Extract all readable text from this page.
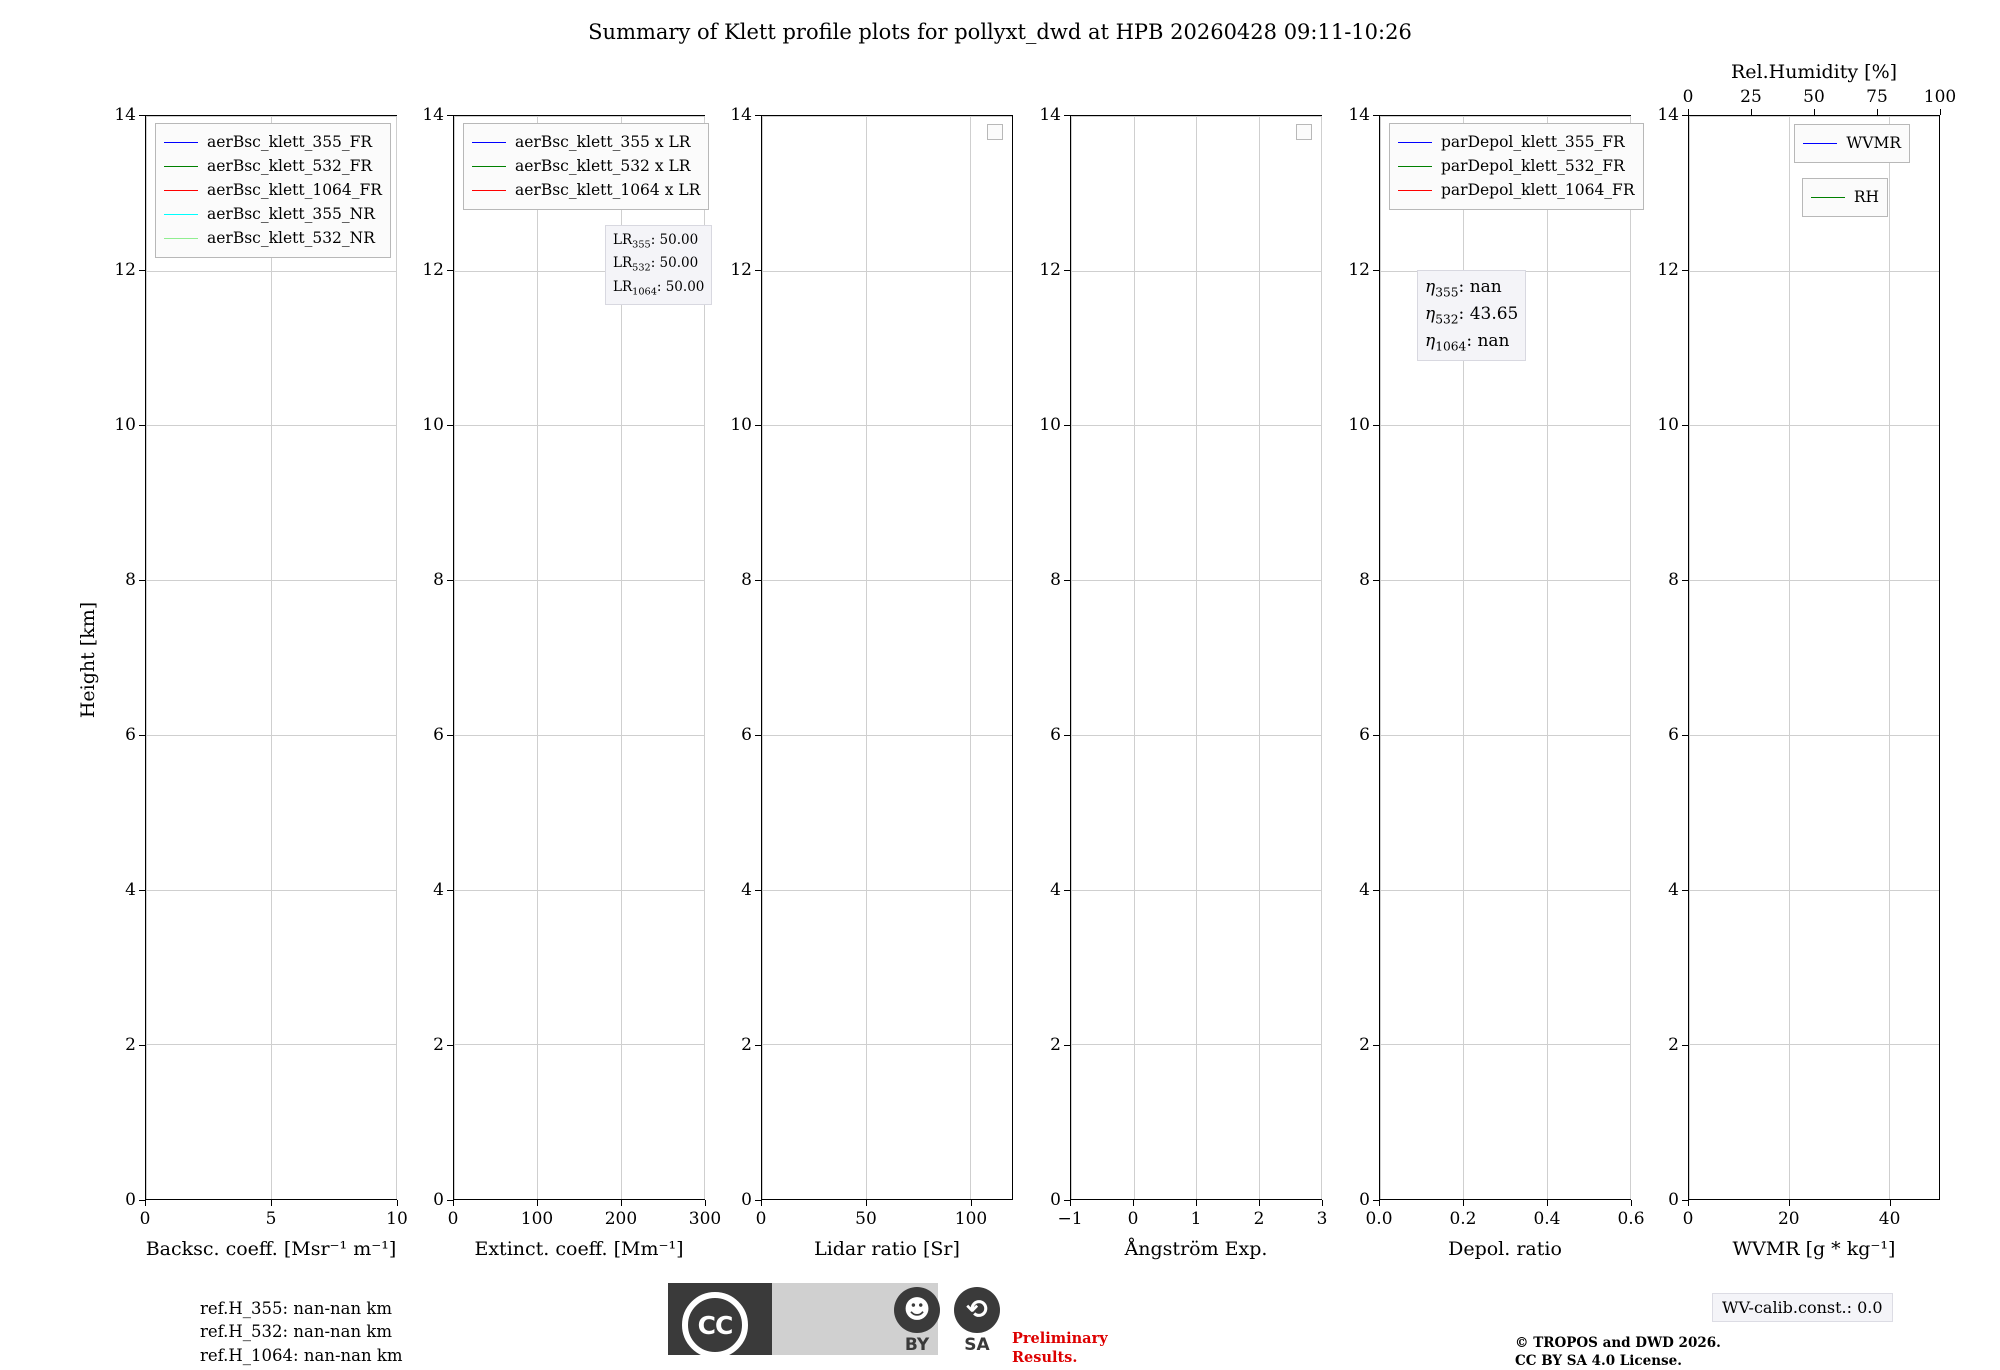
Summary of Klett profile plots for pollyxt_dwd at HPB 20260428 09:11-10:26
Height [km]
0
2
4
6
8
10
12
14
0	5	10
Backsc. coeff. [Msr⁻¹ m⁻¹]
aerBsc_klett_355_FR
aerBsc_klett_532_FR
aerBsc_klett_1064_FR
aerBsc_klett_355_NR
aerBsc_klett_532_NR
0
2
4
6
8
10
12
14
0	100	200	300
Extinct. coeff. [Mm⁻¹]
aerBsc_klett_355 x LR
aerBsc_klett_532 x LR
aerBsc_klett_1064 x LR
$LR_{355}$: 50.00
$LR_{532}$: 50.00
$LR_{1064}$: 50.00
0
2
4
6
8
10
12
14
0	50	100
Lidar ratio [Sr]
0
2
4
6
8
10
12
14
−1	0	1	2	3
Ångström Exp.
0
2
4
6
8
10
12
14
0.0	0.2	0.4	0.6
Depol. ratio
parDepol_klett_355_FR
parDepol_klett_532_FR
parDepol_klett_1064_FR
$\eta_{355}$: nan
$\eta_{532}$: 43.65
$\eta_{1064}$: nan
0
2
4
6
8
10
12
14
0	20	40
WVMR [g * kg⁻¹]
0	25 50 75 100
Rel.Humidity [%]
WVMR
RH
ref.H_355: nan-nan km
ref.H_532: nan-nan km
ref.H_1064: nan-nan km
CC	☻
BY
⟲
SA	Preliminary
Results.
© TROPOS and DWD 2026.
CC BY SA 4.0 License.
WV-calib.const.: 0.0
